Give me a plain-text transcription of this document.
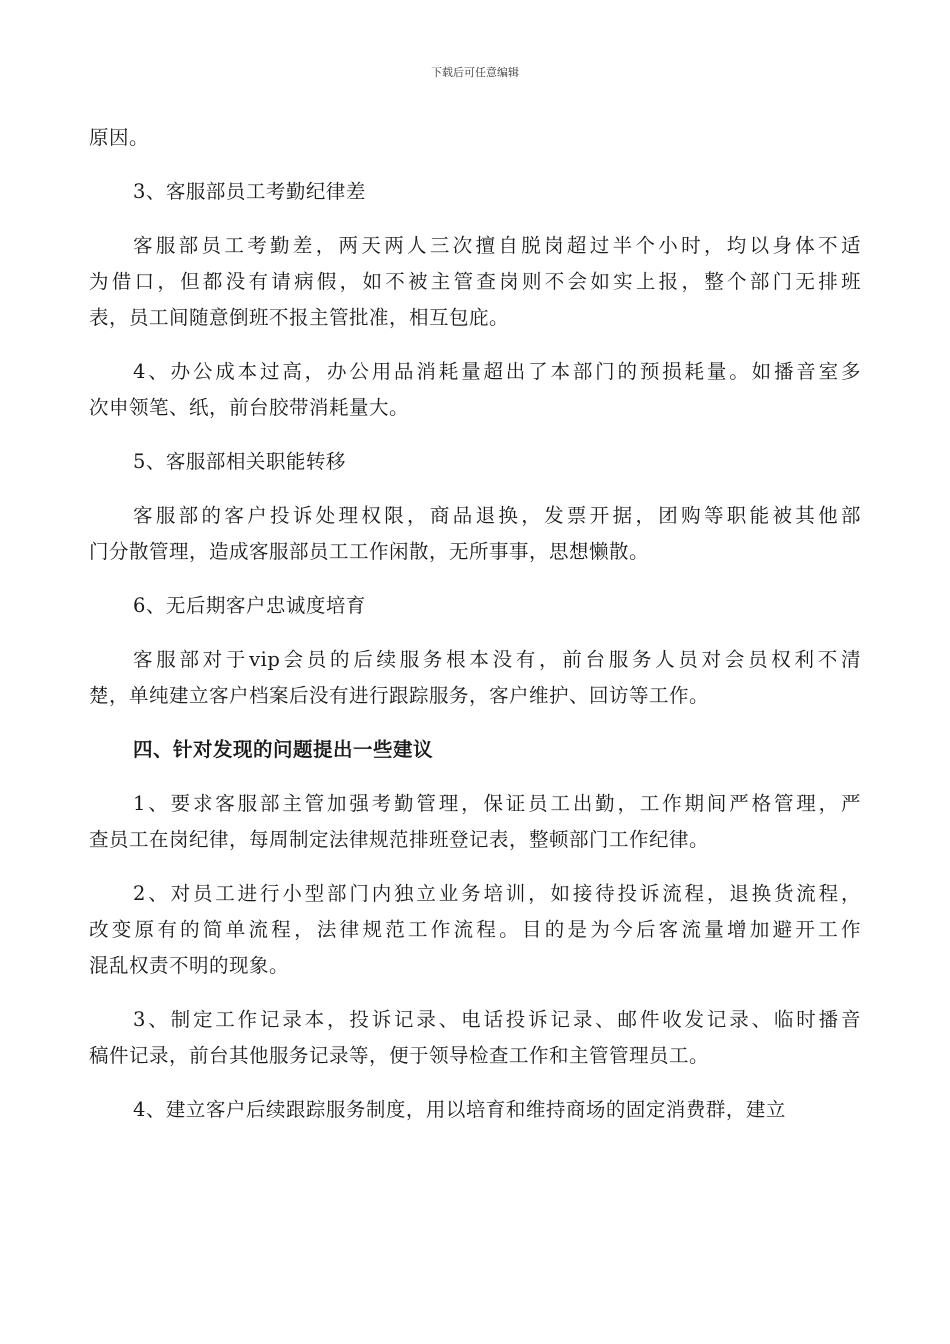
下载后可任意编辑
原因。
3、客服部员工考勤纪律差
客服部员工考勤差，两天两人三次擅自脱岗超过半个小时，均以身体不适
为借口，但都没有请病假，如不被主管查岗则不会如实上报，整个部门无排班
表，员工间随意倒班不报主管批准，相互包庇。
4、办公成本过高，办公用品消耗量超出了本部门的预损耗量。如播音室多
次申领笔、纸，前台胶带消耗量大。
5、客服部相关职能转移
客服部的客户投诉处理权限，商品退换，发票开据，团购等职能被其他部
门分散管理，造成客服部员工工作闲散，无所事事，思想懒散。
6、无后期客户忠诚度培育
客服部对于vip会员的后续服务根本没有，前台服务人员对会员权利不清
楚，单纯建立客户档案后没有进行跟踪服务，客户维护、回访等工作。
四、针对发现的问题提出一些建议
1、要求客服部主管加强考勤管理，保证员工出勤，工作期间严格管理，严
查员工在岗纪律，每周制定法律规范排班登记表，整顿部门工作纪律。
2、对员工进行小型部门内独立业务培训，如接待投诉流程，退换货流程，
改变原有的简单流程，法律规范工作流程。目的是为今后客流量增加避开工作
混乱权责不明的现象。
3、制定工作记录本，投诉记录、电话投诉记录、邮件收发记录、临时播音
稿件记录，前台其他服务记录等，便于领导检查工作和主管管理员工。
4、建立客户后续跟踪服务制度，用以培育和维持商场的固定消费群，建立
